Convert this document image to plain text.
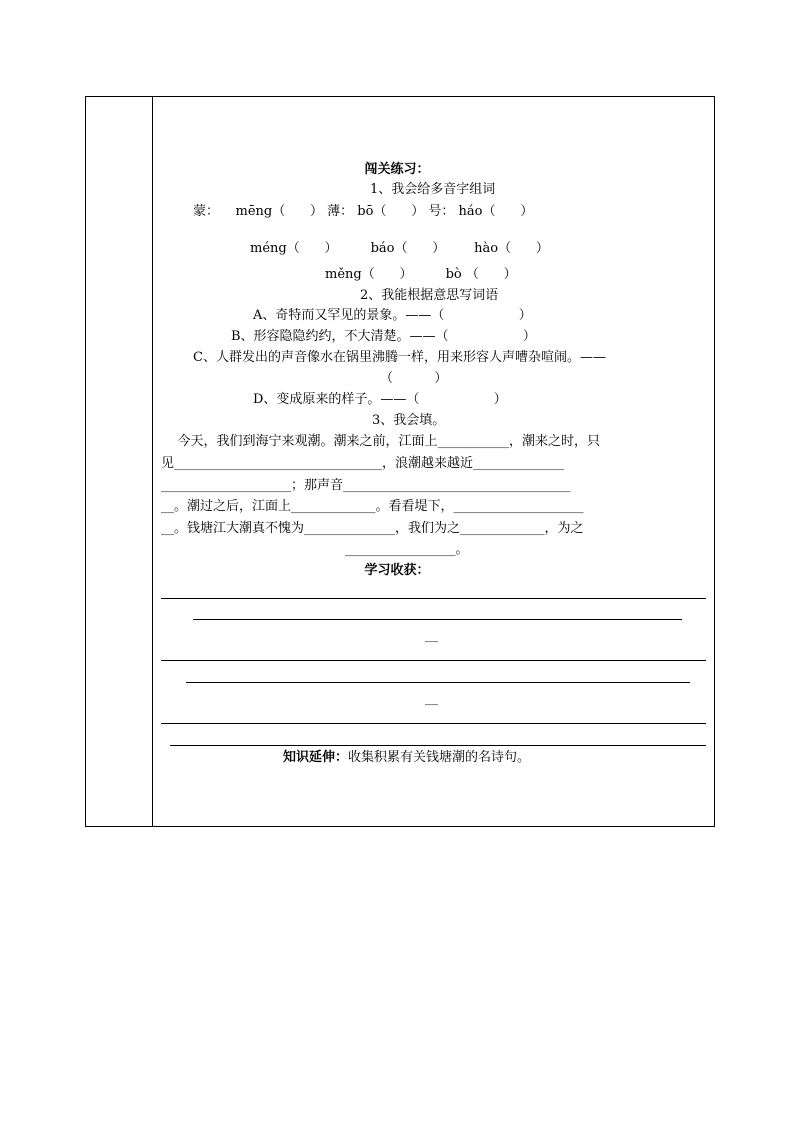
闯关练习：
1、我会给多音字组词
蒙：    mēng（      ） 薄： bō（      ） 号： háo（      ）
méng（      ）        báo（      ）       hào（      ）
měng（      ）        bò （      ）
2、我能根据意思写词语
A、奇特而又罕见的景象。——（                  ）
B、形容隐隐约约，不大清楚。——（                  ）
C、人群发出的声音像水在锅里沸腾一样，用来形容人声嘈杂喧闹。——
（          ）
D、变成原来的样子。——（                  ）
3、我会填。
今天，我们到海宁来观潮。潮来之前，江面上___________，潮来之时，只
见________________________________，浪潮越来越近______________
____________________；那声音___________________________________
__。潮过之后，江面上_____________。看看堤下，____________________
__。钱塘江大潮真不愧为______________，我们为之_____________，为之
_________________。
学习收获：
__
__
知识延伸：收集积累有关钱塘潮的名诗句。
